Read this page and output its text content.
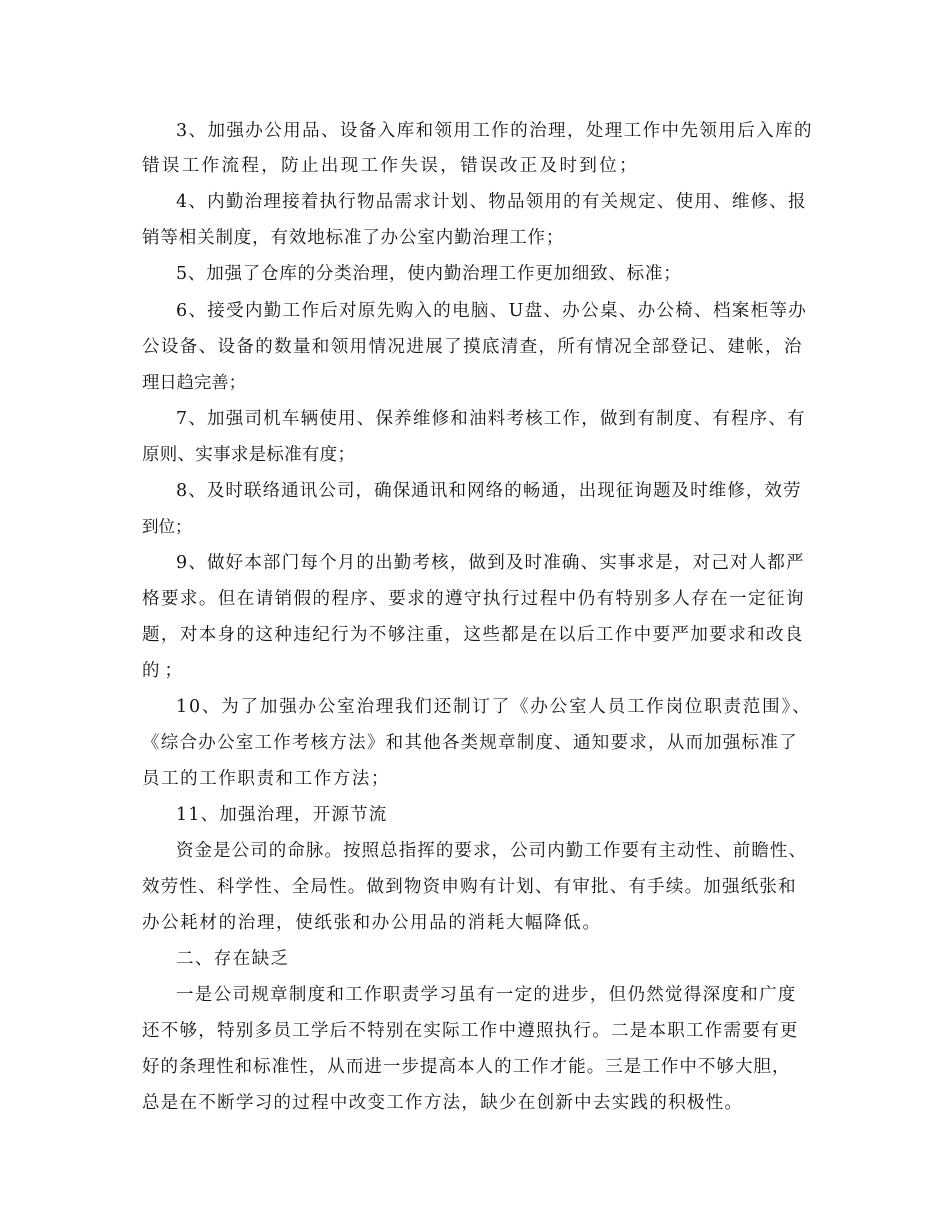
3、加强办公用品、设备入库和领用工作的治理，处理工作中先领用后入库的
错误工作流程，防止出现工作失误，错误改正及时到位；
4、内勤治理接着执行物品需求计划、物品领用的有关规定、使用、维修、报
销等相关制度，有效地标准了办公室内勤治理工作；
5、加强了仓库的分类治理，使内勤治理工作更加细致、标准；
6、接受内勤工作后对原先购入的电脑、U盘、办公桌、办公椅、档案柜等办
公设备、设备的数量和领用情况进展了摸底清查，所有情况全部登记、建帐，治
理日趋完善；
7、加强司机车辆使用、保养维修和油料考核工作，做到有制度、有程序、有
原则、实事求是标准有度；
8、及时联络通讯公司，确保通讯和网络的畅通，出现征询题及时维修，效劳
到位；
9、做好本部门每个月的出勤考核，做到及时准确、实事求是，对己对人都严
格要求。但在请销假的程序、要求的遵守执行过程中仍有特别多人存在一定征询
题，对本身的这种违纪行为不够注重，这些都是在以后工作中要严加要求和改良
的；
10、为了加强办公室治理我们还制订了《办公室人员工作岗位职责范围》、
《综合办公室工作考核方法》和其他各类规章制度、通知要求，从而加强标准了
员工的工作职责和工作方法；
11、加强治理，开源节流
资金是公司的命脉。按照总指挥的要求，公司内勤工作要有主动性、前瞻性、
效劳性、科学性、全局性。做到物资申购有计划、有审批、有手续。加强纸张和
办公耗材的治理，使纸张和办公用品的消耗大幅降低。
二、存在缺乏
一是公司规章制度和工作职责学习虽有一定的进步，但仍然觉得深度和广度
还不够，特别多员工学后不特别在实际工作中遵照执行。二是本职工作需要有更
好的条理性和标准性，从而进一步提高本人的工作才能。三是工作中不够大胆，
总是在不断学习的过程中改变工作方法，缺少在创新中去实践的积极性。
